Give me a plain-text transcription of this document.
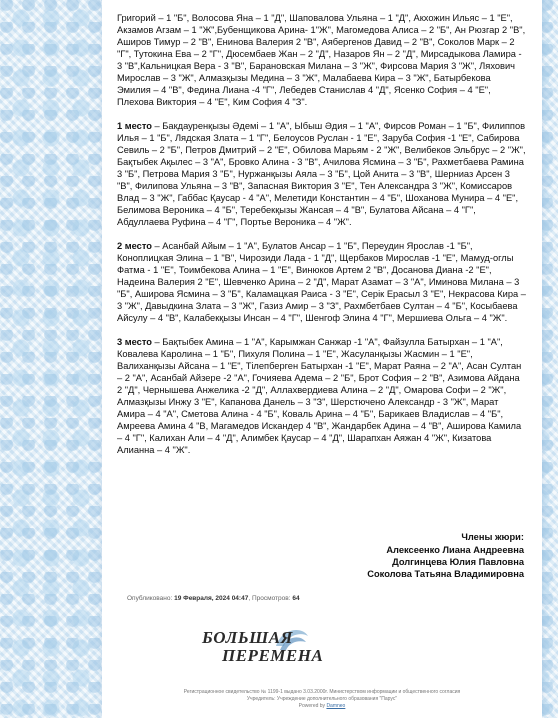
Григорий – 1 "Б", Волосова Яна – 1 "Д", Шаповалова Ульяна – 1 "Д", Акхожин Ильяс – 1 "Е", Акзамов Агзам – 1 "Ж",Бубенщикова Арина- 1"Ж", Магомедова Алиса – 2 "Б", Ан Рюзгар 2 "В", Аширов Тимур – 2 "В", Енинова Валерия 2 "В", Аябергенов Давид – 2 "В", Соколов Марк – 2 "Г", Тутокина Ева – 2 "Г", Дюсембаев Жан – 2 "Д", Назаров Ян – 2 "Д", Мирсадыкова Ламира - 3 "В",Кальницкая Вера - 3 "В", Барановская Милана – 3 "Ж", Фирсова Мария 3 "Ж", Ляхович Мирослав – 3 "Ж", Алмазқызы Медина – 3 "Ж", Малабаева Кира – 3 "Ж", Батырбекова Эмилия – 4 "В", Федина Лиана -4 "Г", Лебедев Станислав 4 "Д", Ясенко София – 4 "Е", Плехова Виктория – 4 "Е", Ким София 4 "З".

1 место – Бакдауренқызы Әдемі – 1 "А", Ыбыш Әдия – 1 "А", Фирсов Роман – 1 "Б", Филиппов Илья – 1 "Б", Лядская Злата – 1 "Г", Белоусов Руслан - 1 "Е", Заруба София -1 "Е", Сабирова Севиль – 2 "Б", Петров Дмитрий – 2 "Е", Обилова Марьям - 2 "Ж", Велибеков Эльбрус – 2 "Ж", Бақтыбек Ақылес – 3 "А", Бровко Алина - 3 "В", Ачилова Ясмина – 3 "Б", Рахметбаева Рамина 3 "Б", Петрова Мария 3 "Б", Нуржанқызы Аяла – 3 "Б", Цой Анита – 3 "В", Шерниаз Арсен 3 "В", Филипова Ульяна – 3 "В", Запасная Виктория 3 "Е", Тен Александра 3 "Ж", Комиссаров Влад – 3 "Ж", Габбас Қаусар - 4 "А", Мелетиди Константин – 4 "Б", Шоханова Мунира – 4 "Е", Белимова Вероника – 4 "Б", Теребекқызы Жансая – 4 "В", Булатова Айсана – 4 "Г", Абдуллаева Руфина – 4 "Г", Портье Вероника – 4 "Ж".

2 место – Асанбай Айым – 1 "А", Булатов Ансар – 1 "Б", Переудин Ярослав -1 "Б", Коноплицкая Элина – 1 "В", Чирозиди Лада - 1 "Д", Щербаков Мирослав -1 "Е", Мамуд-оглы Фатма - 1 "Е", Тоимбекова Алина – 1 "Е", Винюков Артем 2 "В", Досанова Диана -2 "Е", Надеина Валерия 2 "Е", Шевченко Арина – 2 "Д", Марат Азамат – 3 "А", Иминова Милана – 3 "Б", Аширова Ясмина – 3 "Б", Каламацкая Раиса - 3 "Е", Серік Ерасыл 3 "Е", Некрасова Кира – 3 "Ж", Давыдкина Злата – 3 "Ж", Газиз Амир – 3 "З", Рахмбетбаев Султан – 4 "Б", Косыбаева Айсулу – 4 "В", Калабекқызы Инсан – 4 "Г", Шенгоф Элина 4 "Г", Мершиева Ольга – 4 "Ж".

3 место – Бақтыбек Амина – 1 "А", Карымжан Санжар -1 "А", Файзулла Батырхан – 1 "А", Ковалева Каролина – 1 "Б", Пихуля Полина – 1 "Е", Жасуланқызы Жасмин – 1 "Е", Валиханқызы Айсана – 1 "Е", Тілепберген Батырхан -1 "Е", Марат Раяна – 2 "А", Асан Султан – 2 "А", Асанбай Айзере -2 "А", Гочияева Адема – 2 "Б", Брот София – 2 "В", Азимова Айдана 2 "Д", Чернышева Анжелика -2 "Д", Аллахвердиева Алина – 2 "Д", Омарова Софи – 2 "Ж", Алмазқызы Инжу 3 "Е", Капанова Данель – 3 "З", Шерстючено Александр - 3 "Ж", Марат Амира – 4 "А", Сметова Алина - 4 "Б", Коваль Арина – 4 "Б", Барикаев Владислав – 4 "Б", Амреева Амина 4 "В, Магамедов Искандер 4 "В", Жандарбек Адина – 4 "В", Аширова Камила – 4 "Г", Калихан Али – 4 "Д", Алимбек Қаусар – 4 "Д", Шарапхан Аяжан 4 "Ж", Кизатова Алианна – 4 "Ж".

Члены жюри:
Алексеенко Лиана Андреевна
Долгинцева Юлия Павловна
Соколова Татьяна Владимировна
Опубликовано: 19 Февраля, 2024 04:47, Просмотров: 64
БОЛЬШАЯ
ПЕРЕМЕНА
Регистрационное свидетельство № 1199-1 выдано 3.03.2000г. Министерством информации и общественного согласия
Учредитель: Учреждение дополнительного образования "Парус"
Powered by Damneo
